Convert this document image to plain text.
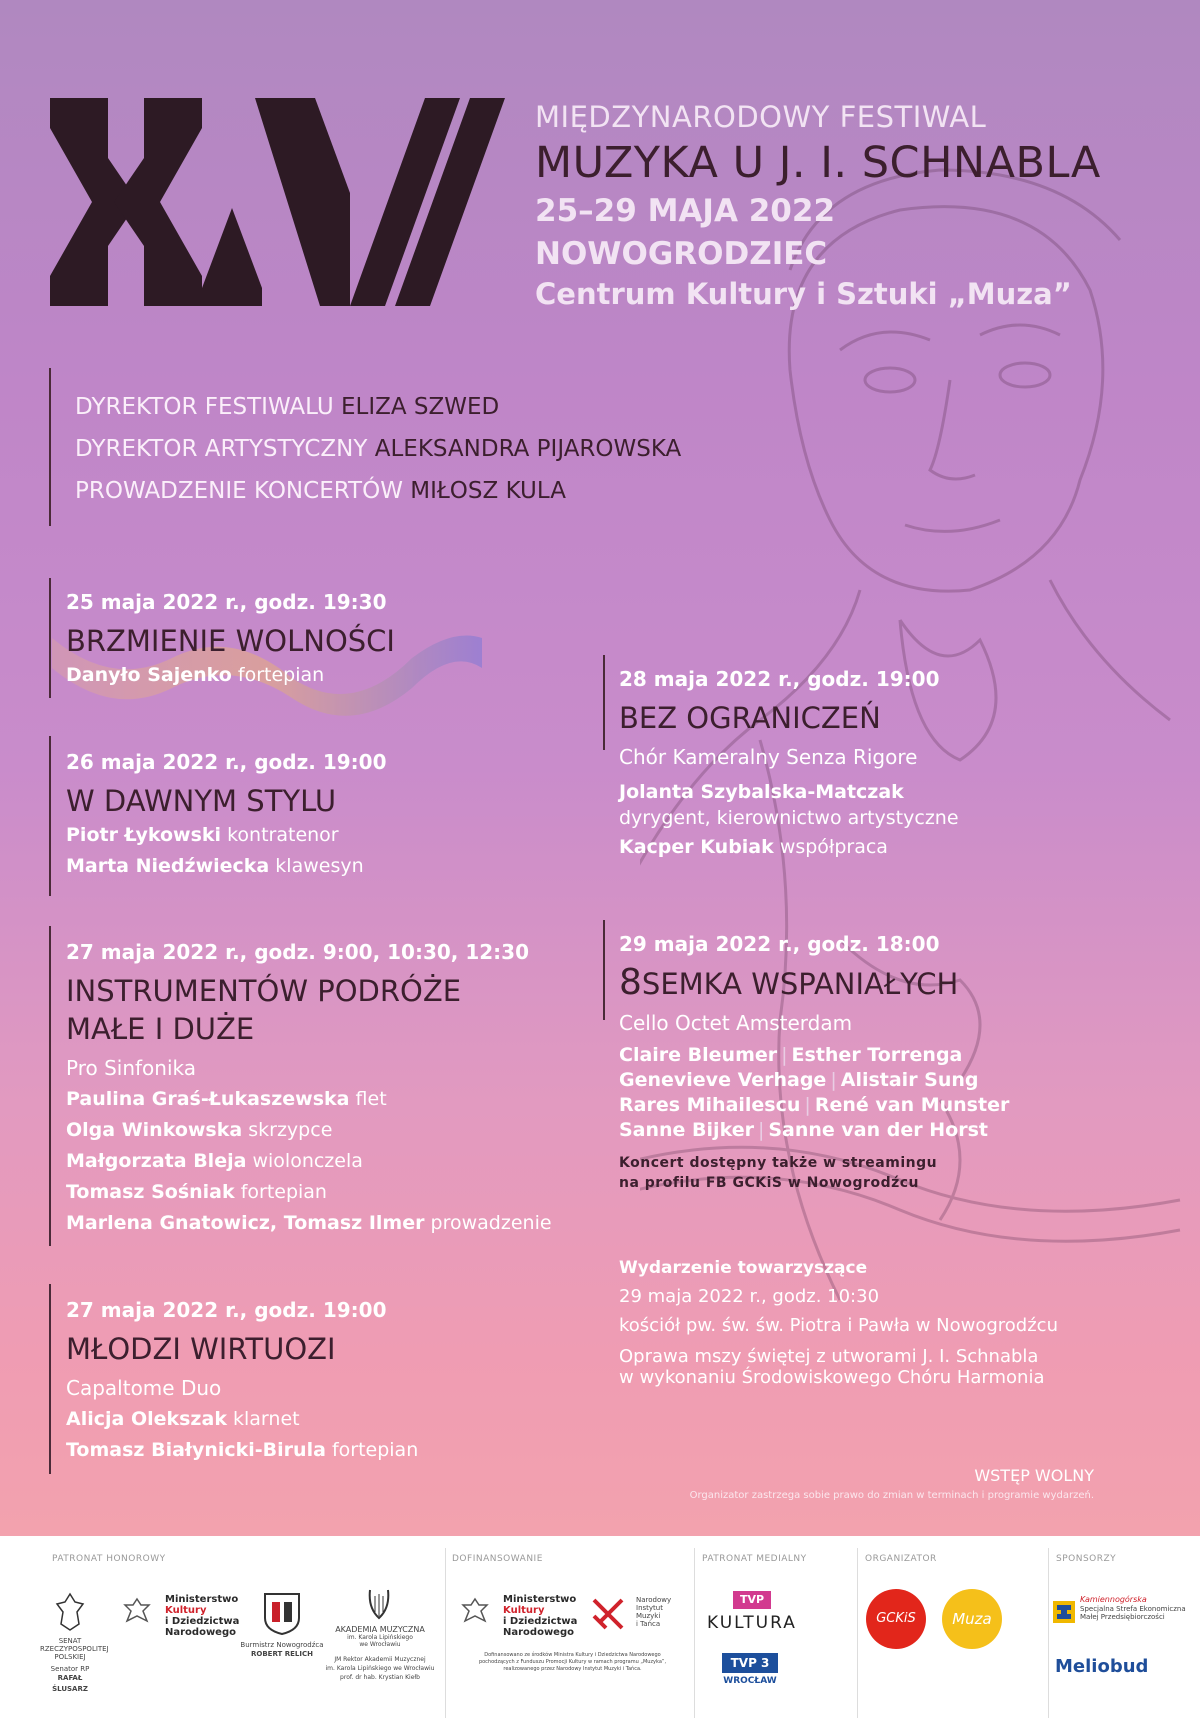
MIĘDZYNARODOWY FESTIWAL
MUZYKA U J. I. SCHNABLA
25–29 MAJA 2022
NOWOGRODZIEC
Centrum Kultury i Sztuki „Muza”
DYREKTOR FESTIWALU ELIZA SZWED
DYREKTOR ARTYSTYCZNY ALEKSANDRA PIJAROWSKA
PROWADZENIE KONCERTÓW MIŁOSZ KULA
25 maja 2022 r., godz. 19:30
BRZMIENIE WOLNOŚCI
Danyło Sajenko fortepian
26 maja 2022 r., godz. 19:00
W DAWNYM STYLU
Piotr Łykowski kontratenor
Marta Niedźwiecka klawesyn
27 maja 2022 r., godz. 9:00, 10:30, 12:30
INSTRUMENTÓW PODRÓŻE
MAŁE I DUŻE
Pro Sinfonika
Paulina Graś-Łukaszewska flet
Olga Winkowska skrzypce
Małgorzata Bleja wiolonczela
Tomasz Sośniak fortepian
Marlena Gnatowicz, Tomasz Ilmer prowadzenie
27 maja 2022 r., godz. 19:00
MŁODZI WIRTUOZI
Capaltome Duo
Alicja Olekszak klarnet
Tomasz Białynicki-Birula fortepian
28 maja 2022 r., godz. 19:00
BEZ OGRANICZEŃ
Chór Kameralny Senza Rigore
Jolanta Szybalska-Matczak
dyrygent, kierownictwo artystyczne
Kacper Kubiak współpraca
29 maja 2022 r., godz. 18:00
8SEMKA WSPANIAŁYCH
Cello Octet Amsterdam
Claire Bleumer | Esther Torrenga
Genevieve Verhage | Alistair Sung
Rares Mihailescu | René van Munster
Sanne Bijker | Sanne van der Horst
Koncert dostępny także w streamingu
na profilu FB GCKiS w Nowogrodźcu
Wydarzenie towarzyszące
29 maja 2022 r., godz. 10:30
kościół pw. św. św. Piotra i Pawła w Nowogrodźcu
Oprawa mszy świętej z utworami J. I. Schnabla
w wykonaniu Środowiskowego Chóru Harmonia
WSTĘP WOLNY
Organizator zastrzega sobie prawo do zmian w terminach i programie wydarzeń.
PATRONAT HONOROWY	DOFINANSOWANIE	PATRONAT MEDIALNY	ORGANIZATOR	SPONSORZY
SENAT RZECZYPOSPOLITEJ POLSKIEJ
Senator RP
RAFAŁ ŚLUSARZ
Ministerstwo
Kultury
i Dziedzictwa
Narodowego
Burmistrz Nowogrodźca
ROBERT RELICH
AKADEMIA MUZYCZNA
im. Karola Lipińskiego
we Wrocławiu
JM Rektor Akademii Muzycznej
im. Karola Lipińskiego we Wrocławiu
prof. dr hab. Krystian Kiełb
Ministerstwo
Kultury
i Dziedzictwa
Narodowego
Narodowy
Instytut
Muzyki
i Tańca
Dofinansowano ze środków Ministra Kultury i Dziedzictwa Narodowego
pochodzących z Funduszu Promocji Kultury w ramach programu „Muzyka”,
realizowanego przez Narodowy Instytut Muzyki i Tańca.
TVP
KULTURA
TVP 3
WROCŁAW
GCKiS	Muza
Kamiennogórska
Specjalna Strefa Ekonomiczna
Małej Przedsiębiorczości
Meliobud
